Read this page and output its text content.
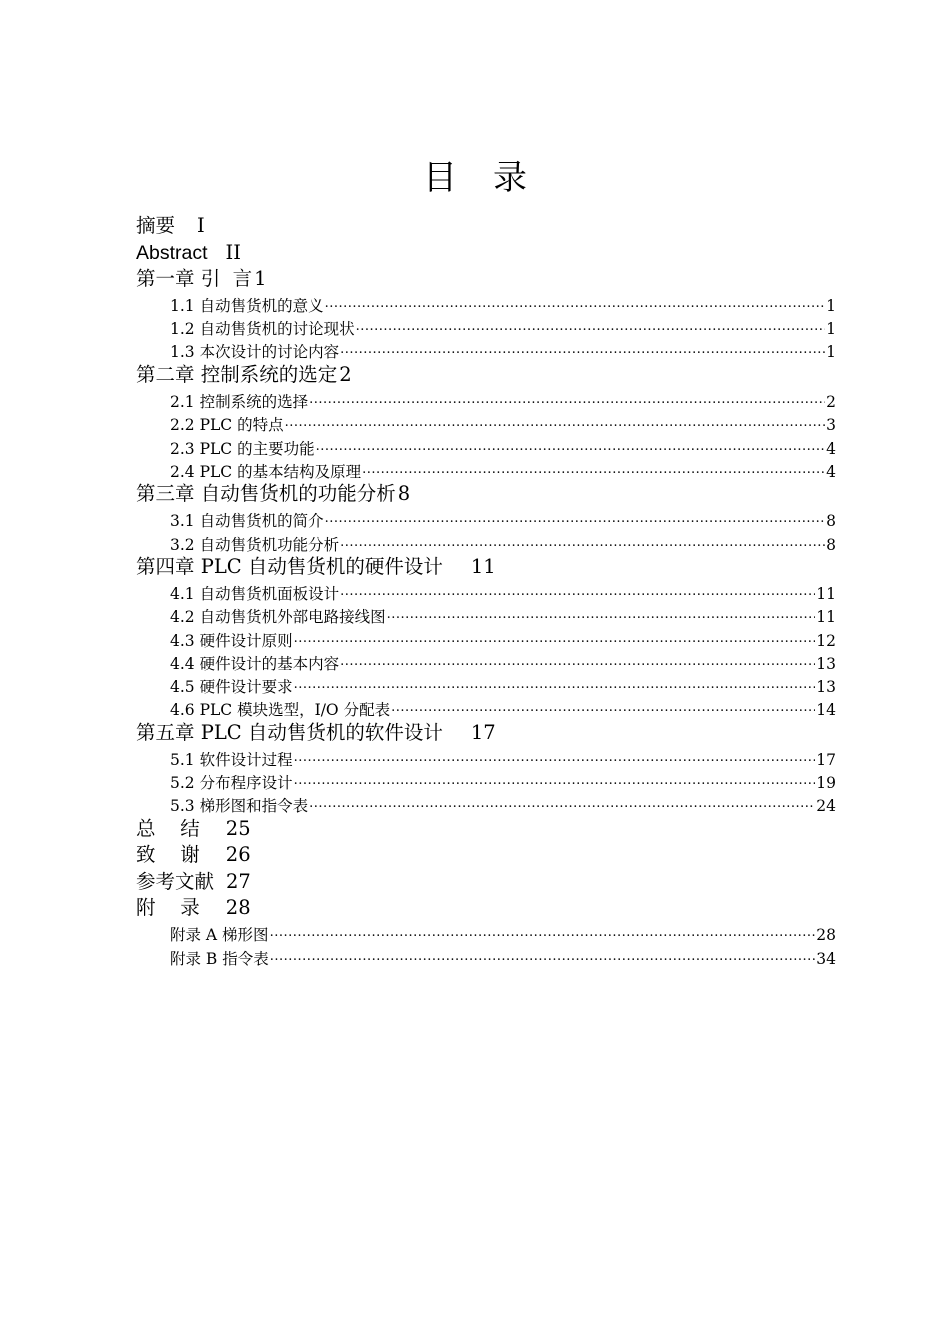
目 录
摘要 I
Abstract II
第一章 引  言 1
1.1 自动售货机的意义 .....	1
1.2 自动售货机的讨论现状 .....	1
1.3 本次设计的讨论内容 .....	1
第二章 控制系统的选定 2
2.1 控制系统的选择 .....	2
2.2 PLC 的特点 .....	3
2.3 PLC 的主要功能 .....	4
2.4 PLC 的基本结构及原理 .....	4
第三章 自动售货机的功能分析 8
3.1 自动售货机的简介 .....	8
3.2 自动售货机功能分析 .....	8
第四章 PLC 自动售货机的硬件设计 11
4.1 自动售货机面板设计 .....	11
4.2 自动售货机外部电路接线图 .....	11
4.3 硬件设计原则 .....	12
4.4 硬件设计的基本内容 .....	13
4.5 硬件设计要求 .....	13
4.6 PLC 模块选型，I/O 分配表 .....	14
第五章 PLC 自动售货机的软件设计 17
5.1 软件设计过程 .....	17
5.2 分布程序设计 .....	19
5.3 梯形图和指令表 .....	24
总    结 25
致    谢 26
参考文献 27
附    录 28
附录 A 梯形图 .....	28
附录 B 指令表 .....	34
